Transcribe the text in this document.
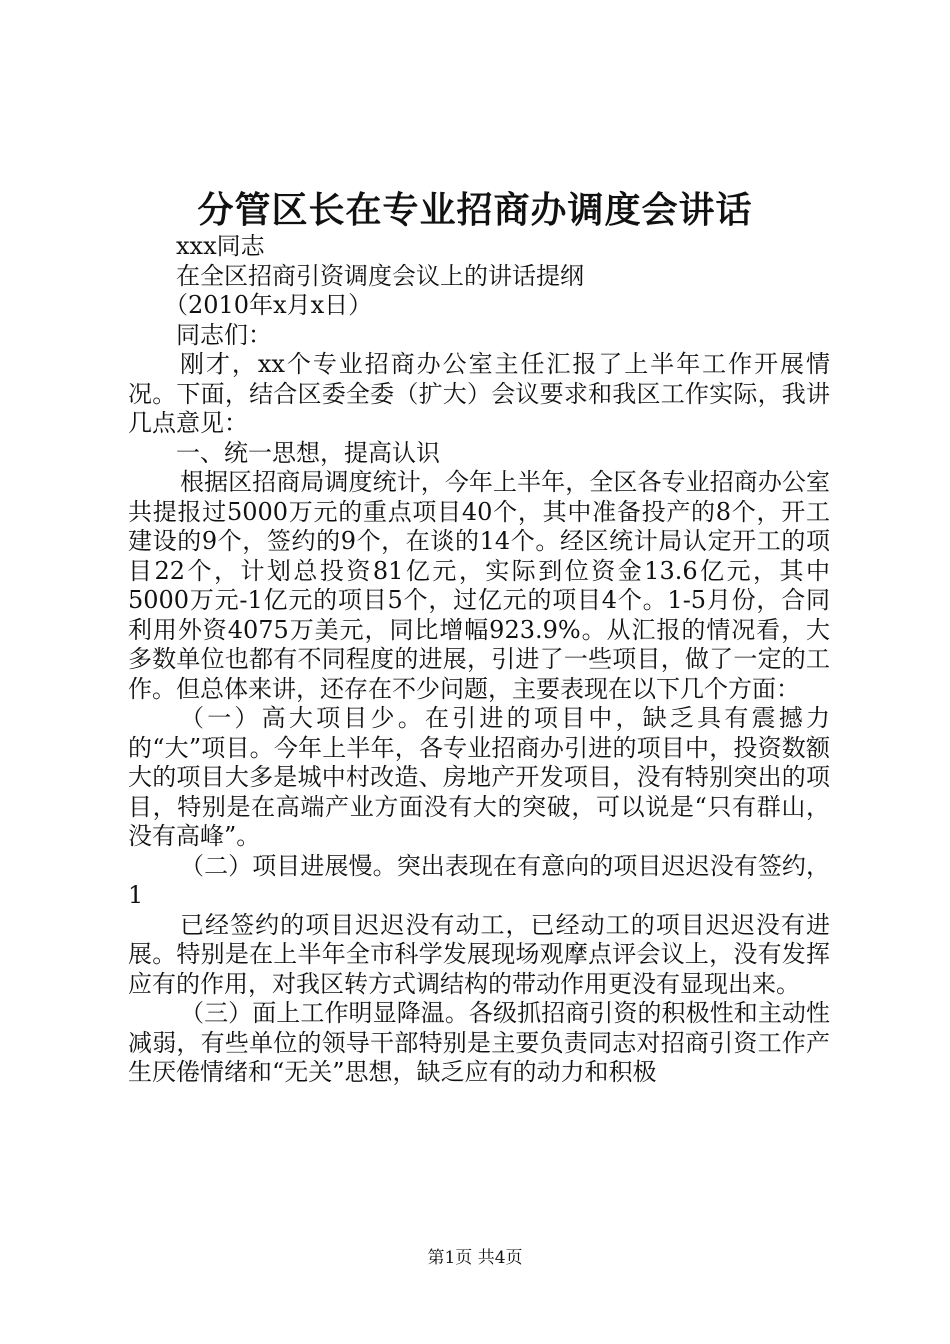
分管区长在专业招商办调度会讲话

xxx同志

在全区招商引资调度会议上的讲话提纲

（2010年x月x日）

同志们：

刚才，xx个专业招商办公室主任汇报了上半年工作开展情况。下面，结合区委全委（扩大）会议要求和我区工作实际，我讲几点意见：

一、统一思想，提高认识

根据区招商局调度统计，今年上半年，全区各专业招商办公室共提报过5000万元的重点项目40个，其中准备投产的8个，开工建设的9个，签约的9个，在谈的14个。经区统计局认定开工的项目22个，计划总投资81亿元，实际到位资金13.6亿元，其中5000万元-1亿元的项目5个，过亿元的项目4个。1-5月份，合同利用外资4075万美元，同比增幅923.9%。从汇报的情况看，大多数单位也都有不同程度的进展，引进了一些项目，做了一定的工作。但总体来讲，还存在不少问题，主要表现在以下几个方面：

（一）高大项目少。在引进的项目中，缺乏具有震撼力的“大”项目。今年上半年，各专业招商办引进的项目中，投资数额大的项目大多是城中村改造、房地产开发项目，没有特别突出的项目，特别是在高端产业方面没有大的突破，可以说是“只有群山，没有高峰”。

（二）项目进展慢。突出表现在有意向的项目迟迟没有签约，1

已经签约的项目迟迟没有动工，已经动工的项目迟迟没有进展。特别是在上半年全市科学发展现场观摩点评会议上，没有发挥应有的作用，对我区转方式调结构的带动作用更没有显现出来。

（三）面上工作明显降温。各级抓招商引资的积极性和主动性减弱，有些单位的领导干部特别是主要负责同志对招商引资工作产生厌倦情绪和“无关”思想，缺乏应有的动力和积极

第1页 共4页
